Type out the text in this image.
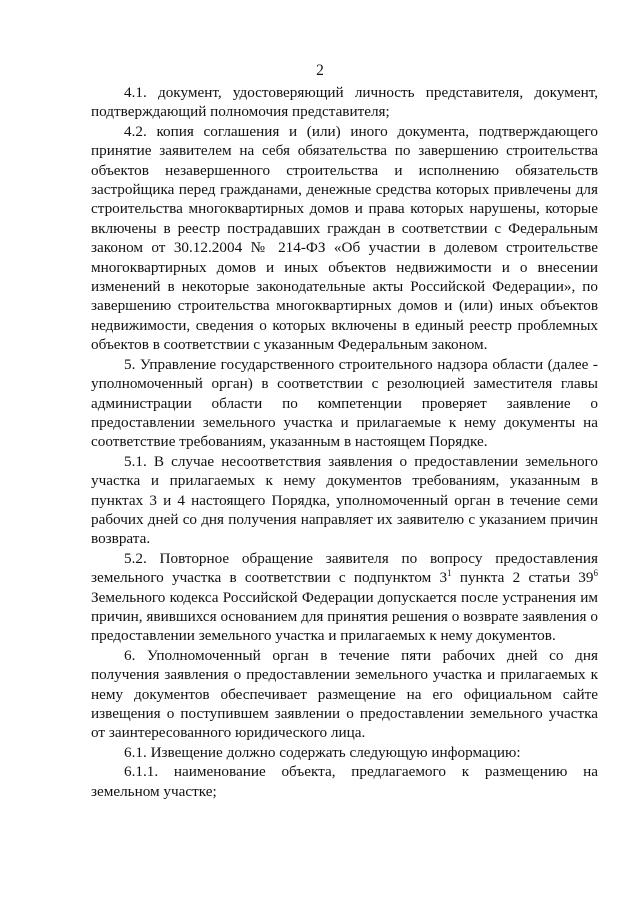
2

4.1. документ, удостоверяющий личность представителя, документ, подтверждающий полномочия представителя;

4.2. копия соглашения и (или) иного документа, подтверждающего принятие заявителем на себя обязательства по завершению строительства объектов незавершенного строительства и исполнению обязательств застройщика перед гражданами, денежные средства которых привлечены для строительства многоквартирных домов и права которых нарушены, которые включены в реестр пострадавших граждан в соответствии с Федеральным законом от 30.12.2004 № 214-ФЗ «Об участии в долевом строительстве многоквартирных домов и иных объектов недвижимости и о внесении изменений в некоторые законодательные акты Российской Федерации», по завершению строительства многоквартирных домов и (или) иных объектов недвижимости, сведения о которых включены в единый реестр проблемных объектов в соответствии с указанным Федеральным законом.

5. Управление государственного строительного надзора области (далее - уполномоченный орган) в соответствии с резолюцией заместителя главы администрации области по компетенции проверяет заявление о предоставлении земельного участка и прилагаемые к нему документы на соответствие требованиям, указанным в настоящем Порядке.

5.1. В случае несоответствия заявления о предоставлении земельного участка и прилагаемых к нему документов требованиям, указанным в пунктах 3 и 4 настоящего Порядка, уполномоченный орган в течение семи рабочих дней со дня получения направляет их заявителю с указанием причин возврата.

5.2. Повторное обращение заявителя по вопросу предоставления земельного участка в соответствии с подпунктом $3^1$ пункта 2 статьи $39^6$ Земельного кодекса Российской Федерации допускается после устранения им причин, явившихся основанием для принятия решения о возврате заявления о предоставлении земельного участка и прилагаемых к нему документов.

6. Уполномоченный орган в течение пяти рабочих дней со дня получения заявления о предоставлении земельного участка и прилагаемых к нему документов обеспечивает размещение на его официальном сайте извещения о поступившем заявлении о предоставлении земельного участка от заинтересованного юридического лица.

6.1. Извещение должно содержать следующую информацию:

6.1.1. наименование объекта, предлагаемого к размещению на земельном участке;
